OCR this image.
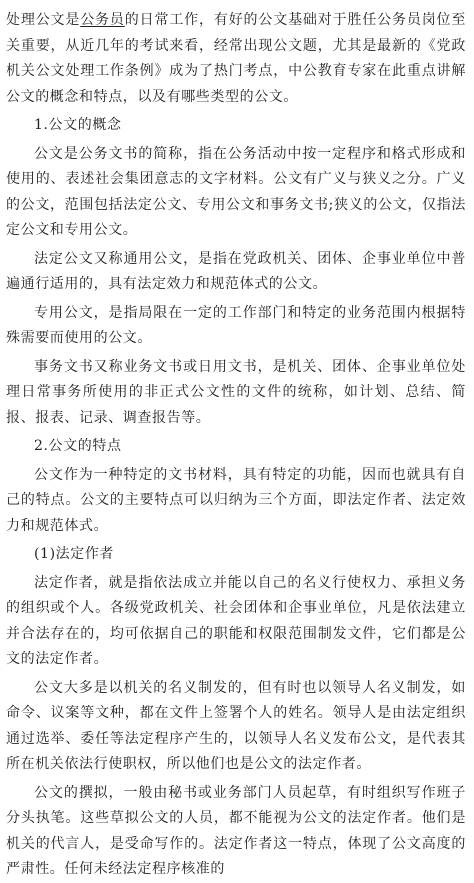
处理公文是公务员的日常工作，有好的公文基础对于胜任公务员岗位至关重要，从近几年的考试来看，经常出现公文题，尤其是最新的《党政机关公文处理工作条例》成为了热门考点，中公教育专家在此重点讲解公文的概念和特点，以及有哪些类型的公文。

1.公文的概念

公文是公务文书的简称，指在公务活动中按一定程序和格式形成和使用的、表述社会集团意志的文字材料。公文有广义与狭义之分。广义的公文，范围包括法定公文、专用公文和事务文书;狭义的公文，仅指法定公文和专用公文。

法定公文又称通用公文，是指在党政机关、团体、企事业单位中普遍通行适用的，具有法定效力和规范体式的公文。

专用公文，是指局限在一定的工作部门和特定的业务范围内根据特殊需要而使用的公文。

事务文书又称业务文书或日用文书，是机关、团体、企事业单位处理日常事务所使用的非正式公文性的文件的统称，如计划、总结、简报、报表、记录、调查报告等。

2.公文的特点

公文作为一种特定的文书材料，具有特定的功能，因而也就具有自己的特点。公文的主要特点可以归纳为三个方面，即法定作者、法定效力和规范体式。

(1)法定作者

法定作者，就是指依法成立并能以自己的名义行使权力、承担义务的组织或个人。各级党政机关、社会团体和企事业单位，凡是依法建立并合法存在的，均可依据自己的职能和权限范围制发文件，它们都是公文的法定作者。

公文大多是以机关的名义制发的，但有时也以领导人名义制发，如命令、议案等文种，都在文件上签署个人的姓名。领导人是由法定组织通过选举、委任等法定程序产生的，以领导人名义发布公文，是代表其所在机关依法行使职权，所以他们也是公文的法定作者。

公文的撰拟，一般由秘书或业务部门人员起草，有时组织写作班子分头执笔。这些草拟公文的人员，都不能视为公文的法定作者。他们是机关的代言人，是受命写作的。法定作者这一特点，体现了公文高度的严肃性。任何未经法定程序核准的
